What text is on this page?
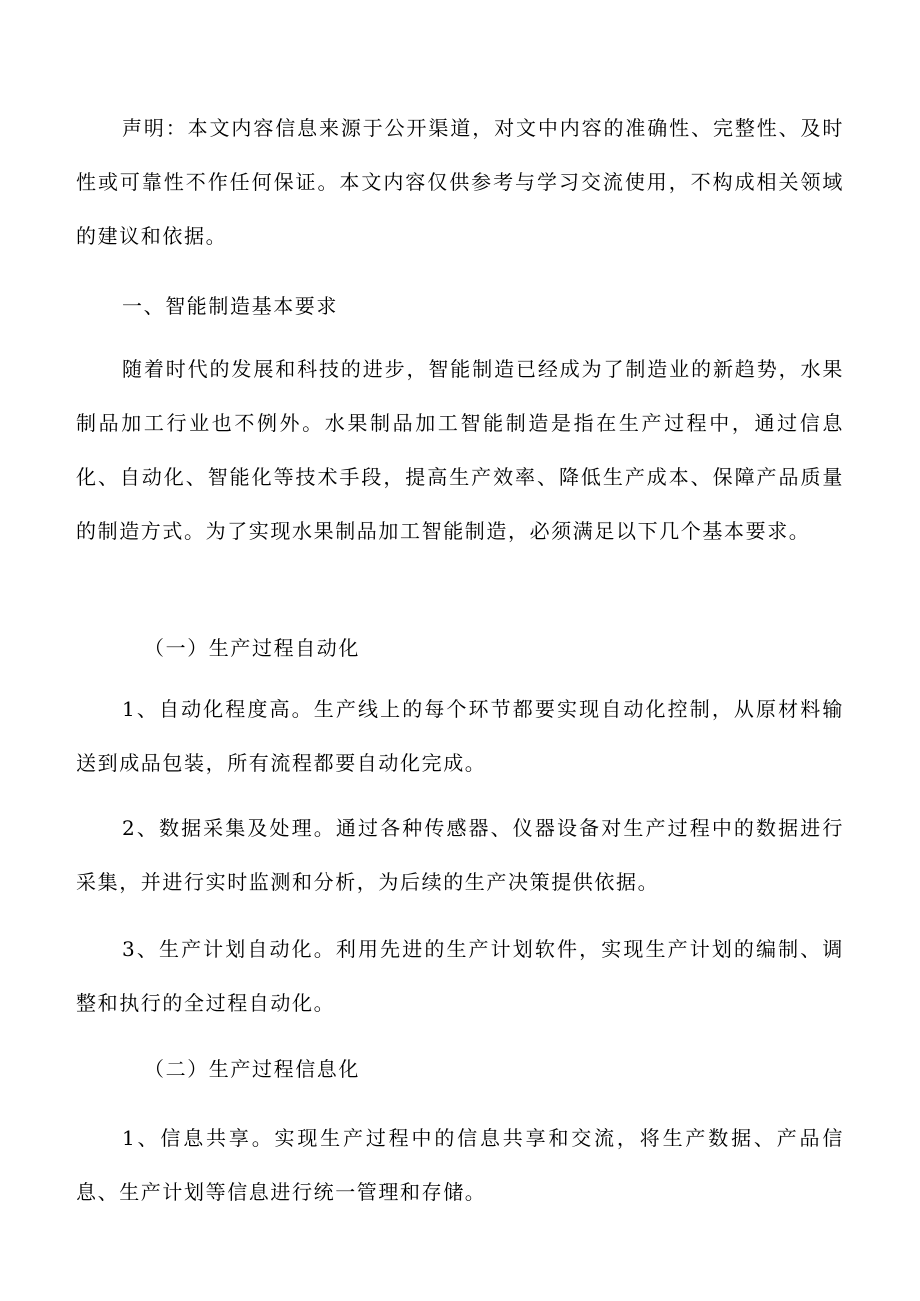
声明：本文内容信息来源于公开渠道，对文中内容的准确性、完整性、及时性或可靠性不作任何保证。本文内容仅供参考与学习交流使用，不构成相关领域的建议和依据。

一、智能制造基本要求

随着时代的发展和科技的进步，智能制造已经成为了制造业的新趋势，水果制品加工行业也不例外。水果制品加工智能制造是指在生产过程中，通过信息化、自动化、智能化等技术手段，提高生产效率、降低生产成本、保障产品质量的制造方式。为了实现水果制品加工智能制造，必须满足以下几个基本要求。

（一）生产过程自动化

1、自动化程度高。生产线上的每个环节都要实现自动化控制，从原材料输送到成品包装，所有流程都要自动化完成。

2、数据采集及处理。通过各种传感器、仪器设备对生产过程中的数据进行采集，并进行实时监测和分析，为后续的生产决策提供依据。

3、生产计划自动化。利用先进的生产计划软件，实现生产计划的编制、调整和执行的全过程自动化。

（二）生产过程信息化

1、信息共享。实现生产过程中的信息共享和交流，将生产数据、产品信息、生产计划等信息进行统一管理和存储。
